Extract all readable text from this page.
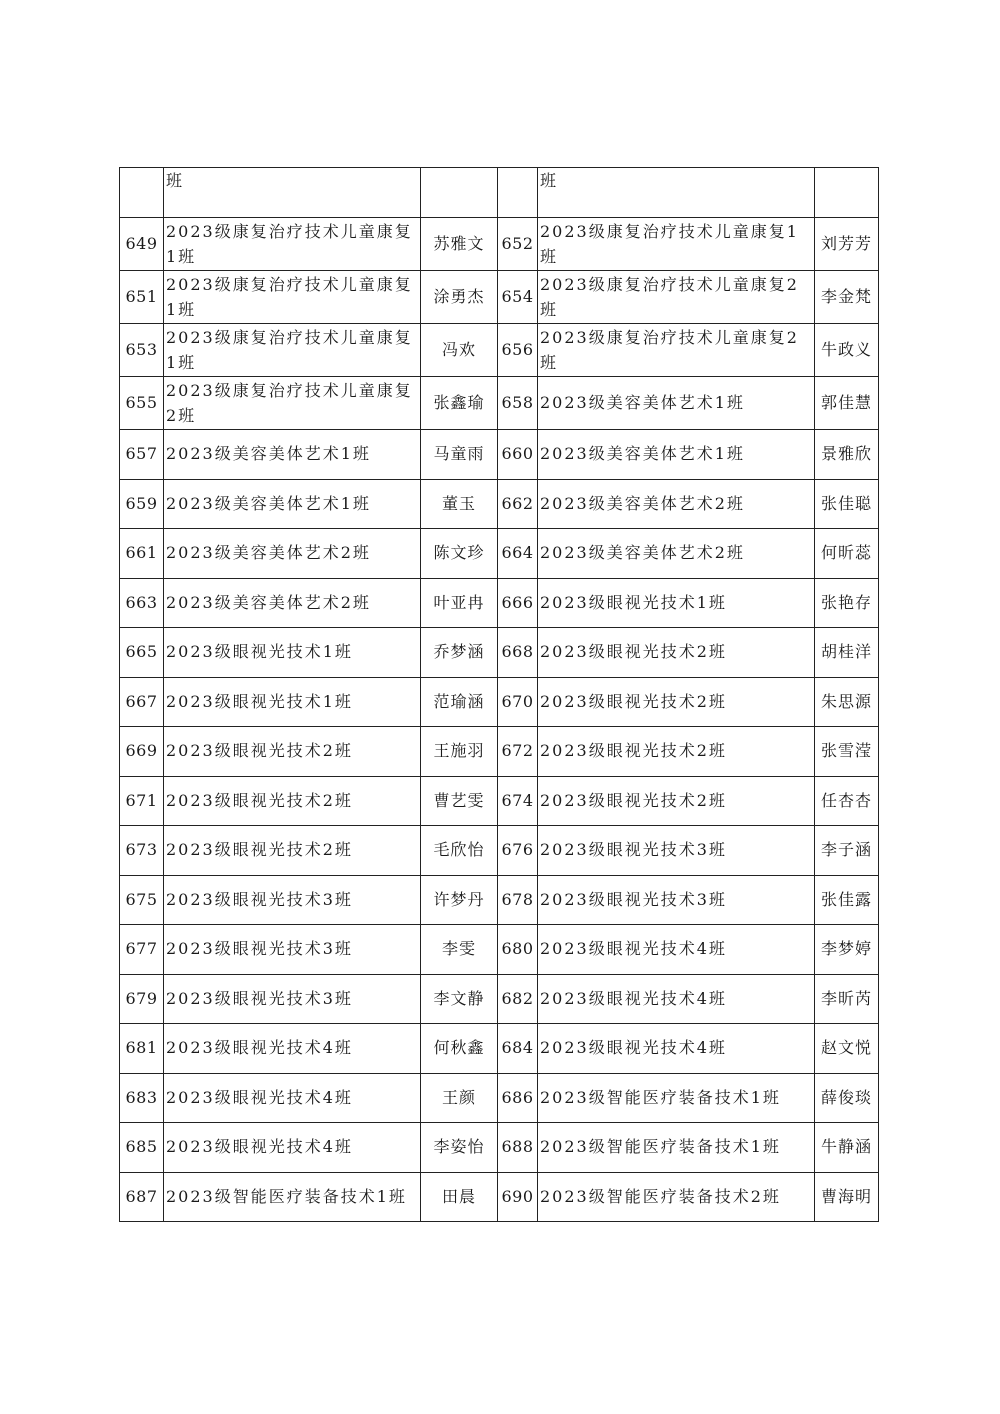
	班			班	
649	2023级康复治疗技术儿童康复1班	苏雅文	652	2023级康复治疗技术儿童康复1班	刘芳芳
651	2023级康复治疗技术儿童康复1班	涂勇杰	654	2023级康复治疗技术儿童康复2班	李金梵
653	2023级康复治疗技术儿童康复1班	冯欢	656	2023级康复治疗技术儿童康复2班	牛政义
655	2023级康复治疗技术儿童康复2班	张鑫瑜	658	2023级美容美体艺术1班	郭佳慧
657	2023级美容美体艺术1班	马童雨	660	2023级美容美体艺术1班	景雅欣
659	2023级美容美体艺术1班	董玉	662	2023级美容美体艺术2班	张佳聪
661	2023级美容美体艺术2班	陈文珍	664	2023级美容美体艺术2班	何昕蕊
663	2023级美容美体艺术2班	叶亚冉	666	2023级眼视光技术1班	张艳存
665	2023级眼视光技术1班	乔梦涵	668	2023级眼视光技术2班	胡桂洋
667	2023级眼视光技术1班	范瑜涵	670	2023级眼视光技术2班	朱思源
669	2023级眼视光技术2班	王施羽	672	2023级眼视光技术2班	张雪滢
671	2023级眼视光技术2班	曹艺雯	674	2023级眼视光技术2班	任杏杏
673	2023级眼视光技术2班	毛欣怡	676	2023级眼视光技术3班	李子涵
675	2023级眼视光技术3班	许梦丹	678	2023级眼视光技术3班	张佳露
677	2023级眼视光技术3班	李雯	680	2023级眼视光技术4班	李梦婷
679	2023级眼视光技术3班	李文静	682	2023级眼视光技术4班	李昕芮
681	2023级眼视光技术4班	何秋鑫	684	2023级眼视光技术4班	赵文悦
683	2023级眼视光技术4班	王颜	686	2023级智能医疗装备技术1班	薛俊琰
685	2023级眼视光技术4班	李姿怡	688	2023级智能医疗装备技术1班	牛静涵
687	2023级智能医疗装备技术1班	田晨	690	2023级智能医疗装备技术2班	曹海明
